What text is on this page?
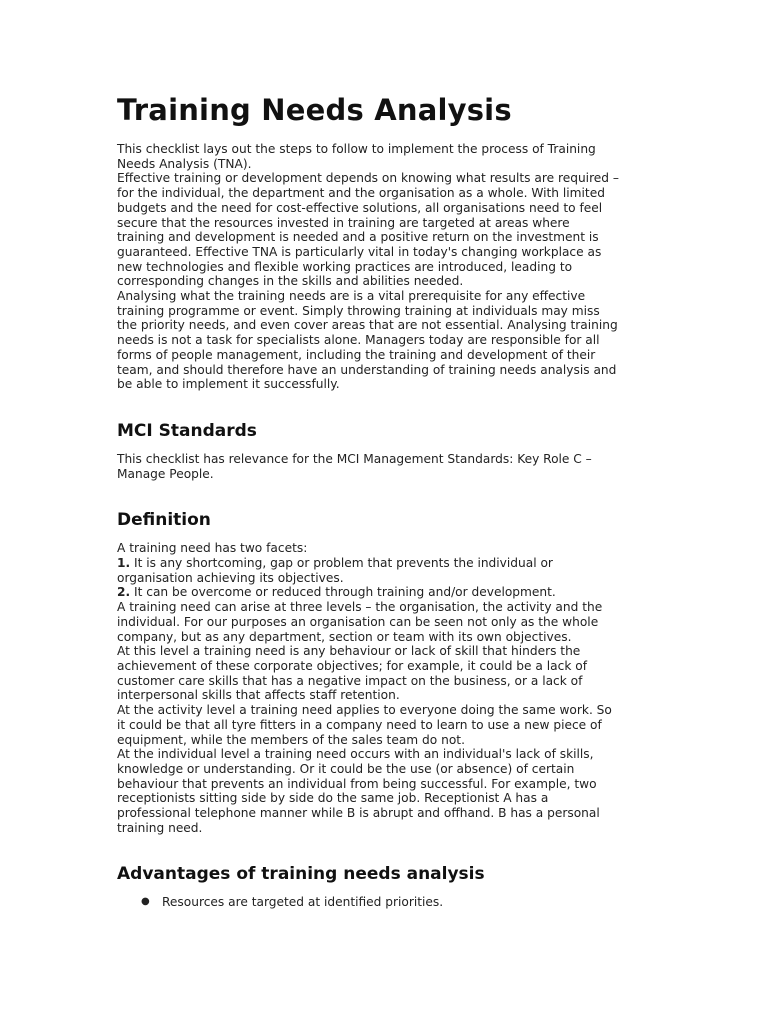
Training Needs Analysis

This checklist lays out the steps to follow to implement the process of Training

Needs Analysis (TNA).

Effective training or development depends on knowing what results are required –

for the individual, the department and the organisation as a whole. With limited

budgets and the need for cost-effective solutions, all organisations need to feel

secure that the resources invested in training are targeted at areas where

training and development is needed and a positive return on the investment is

guaranteed. Effective TNA is particularly vital in today's changing workplace as

new technologies and flexible working practices are introduced, leading to

corresponding changes in the skills and abilities needed.

Analysing what the training needs are is a vital prerequisite for any effective

training programme or event. Simply throwing training at individuals may miss

the priority needs, and even cover areas that are not essential. Analysing training

needs is not a task for specialists alone. Managers today are responsible for all

forms of people management, including the training and development of their

team, and should therefore have an understanding of training needs analysis and

be able to implement it successfully.

MCI Standards

This checklist has relevance for the MCI Management Standards: Key Role C –

Manage People.

Definition

A training need has two facets:

1. It is any shortcoming, gap or problem that prevents the individual or

organisation achieving its objectives.

2. It can be overcome or reduced through training and/or development.

A training need can arise at three levels – the organisation, the activity and the

individual. For our purposes an organisation can be seen not only as the whole

company, but as any department, section or team with its own objectives.

At this level a training need is any behaviour or lack of skill that hinders the

achievement of these corporate objectives; for example, it could be a lack of

customer care skills that has a negative impact on the business, or a lack of

interpersonal skills that affects staff retention.

At the activity level a training need applies to everyone doing the same work. So

it could be that all tyre fitters in a company need to learn to use a new piece of

equipment, while the members of the sales team do not.

At the individual level a training need occurs with an individual's lack of skills,

knowledge or understanding. Or it could be the use (or absence) of certain

behaviour that prevents an individual from being successful. For example, two

receptionists sitting side by side do the same job. Receptionist A has a

professional telephone manner while B is abrupt and offhand. B has a personal

training need.

Advantages of training needs analysis
● Resources are targeted at identified priorities.
